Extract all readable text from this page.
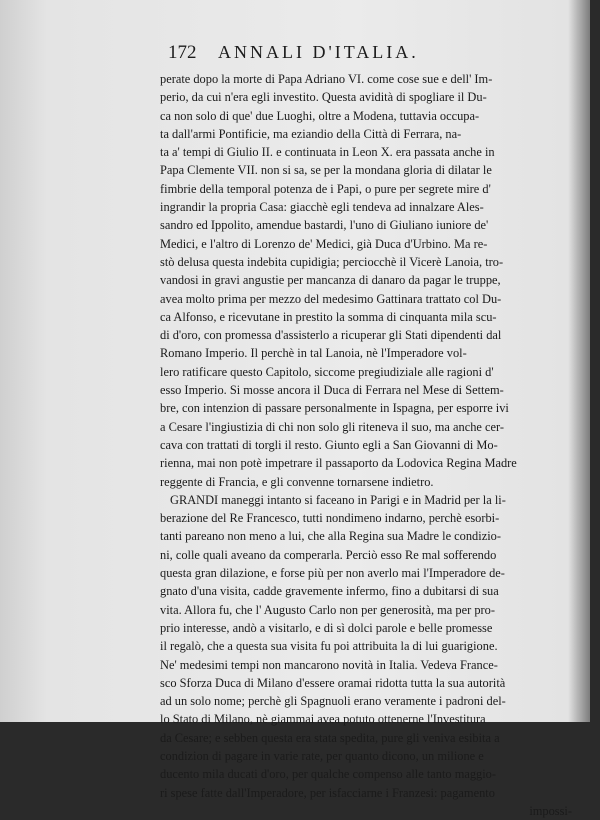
172 ANNALI D'ITALIA.
perate dopo la morte di Papa Adriano VI. come cose sue e dell' Im-
perio, da cui n'era egli investito. Questa avidità di spogliare il Du-
ca non solo di que' due Luoghi, oltre a Modena, tuttavia occupa-
ta dall'armi Pontificie, ma eziandio della Città di Ferrara, na-
ta a' tempi di Giulio II. e continuata in Leon X. era passata anche in
Papa Clemente VII. non si sa, se per la mondana gloria di dilatar le
fimbrie della temporal potenza de i Papi, o pure per segrete mire d'
ingrandir la propria Casa: giacchè egli tendeva ad innalzare Ales-
sandro ed Ippolito, amendue bastardi, l'uno di Giuliano iuniore de'
Medici, e l'altro di Lorenzo de' Medici, già Duca d'Urbino. Ma re-
stò delusa questa indebita cupidigia; perciocchè il Vicerè Lanoia, tro-
vandosi in gravi angustie per mancanza di danaro da pagar le truppe,
avea molto prima per mezzo del medesimo Gattinara trattato col Du-
ca Alfonso, e ricevutane in prestito la somma di cinquanta mila scu-
di d'oro, con promessa d'assisterlo a ricuperar gli Stati dipendenti dal
Romano Imperio. Il perchè in tal Lanoia, nè l'Imperadore vol-
lero ratificare questo Capitolo, siccome pregiudiziale alle ragioni d'
esso Imperio. Si mosse ancora il Duca di Ferrara nel Mese di Settem-
bre, con intenzion di passare personalmente in Ispagna, per esporre ivi
a Cesare l'ingiustizia di chi non solo gli riteneva il suo, ma anche cer-
cava con trattati di torgli il resto. Giunto egli a San Giovanni di Mo-
rienna, mai non potè impetrare il passaporto da Lodovica Regina Madre
reggente di Francia, e gli convenne tornarsene indietro.
GRANDI maneggi intanto si faceano in Parigi e in Madrid per la li-
berazione del Re Francesco, tutti nondimeno indarno, perchè esorbi-
tanti pareano non meno a lui, che alla Regina sua Madre le condizio-
ni, colle quali aveano da comperarla. Perciò esso Re mal sofferendo
questa gran dilazione, e forse più per non averlo mai l'Imperadore de-
gnato d'una visita, cadde gravemente infermo, fino a dubitarsi di sua
vita. Allora fu, che l' Augusto Carlo non per generosità, ma per pro-
prio interesse, andò a visitarlo, e di sì dolci parole e belle promesse
il regalò, che a questa sua visita fu poi attribuita la di lui guarigione.
Ne' medesimi tempi non mancarono novità in Italia. Vedeva France-
sco Sforza Duca di Milano d'essere oramai ridotta tutta la sua autorità
ad un solo nome; perchè gli Spagnuoli erano veramente i padroni del-
lo Stato di Milano, nè giammai avea potuto ottenerne l'Investitura
da Cesare; e sebben questa era stata spedita, pure gli veniva esibita a
condizion di pagare in varie rate, per quanto dicono, un milione e
ducento mila ducati d'oro, per qualche compenso alle tanto maggio-
ri spese fatte dall'Imperadore, per isfacciarne i Franzesi: pagamento
impossi-
